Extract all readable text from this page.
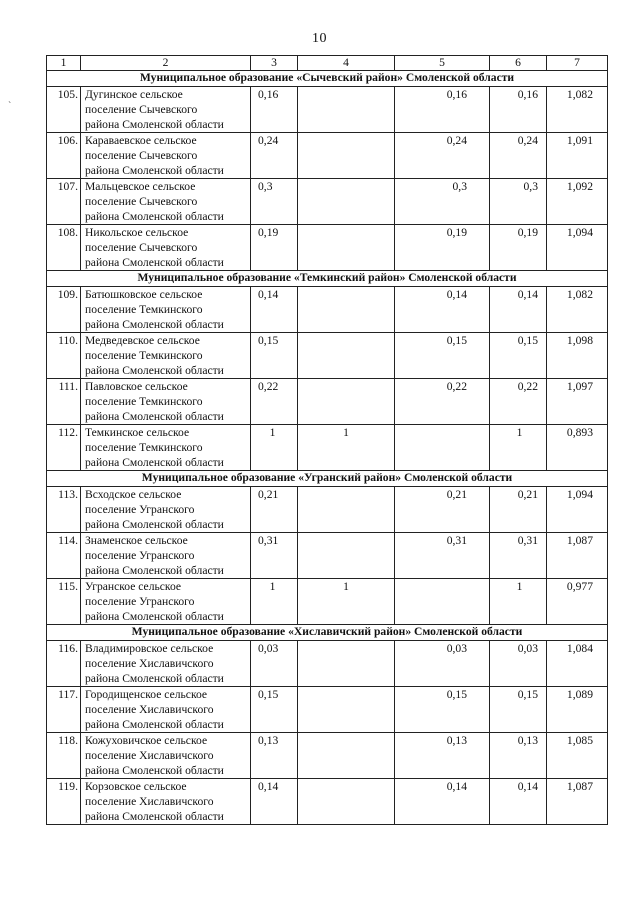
10
`
1	2	3	4	5	6	7
Муниципальное образование «Сычевский район» Смоленской области						
105.	Дугинское сельское
поселение Сычевского
района Смоленской области	0,16		0,16	0,16	1,082
106.	Караваевское сельское
поселение Сычевского
района Смоленской области	0,24		0,24	0,24	1,091
107.	Мальцевское сельское
поселение Сычевского
района Смоленской области	0,3		0,3	0,3	1,092
108.	Никольское сельское
поселение Сычевского
района Смоленской области	0,19		0,19	0,19	1,094
Муниципальное образование «Темкинский район» Смоленской области						
109.	Батюшковское сельское
поселение Темкинского
района Смоленской области	0,14		0,14	0,14	1,082
110.	Медведевское сельское
поселение Темкинского
района Смоленской области	0,15		0,15	0,15	1,098
111.	Павловское сельское
поселение Темкинского
района Смоленской области	0,22		0,22	0,22	1,097
112.	Темкинское сельское
поселение Темкинского
района Смоленской области	1	1		1	0,893
Муниципальное образование «Угранский район» Смоленской области						
113.	Всходское сельское
поселение Угранского
района Смоленской области	0,21		0,21	0,21	1,094
114.	Знаменское сельское
поселение Угранского
района Смоленской области	0,31		0,31	0,31	1,087
115.	Угранское сельское
поселение Угранского
района Смоленской области	1	1		1	0,977
Муниципальное образование «Хиславичский район» Смоленской области						
116.	Владимировское сельское
поселение Хиславичского
района Смоленской области	0,03		0,03	0,03	1,084
117.	Городищенское сельское
поселение Хиславичского
района Смоленской области	0,15		0,15	0,15	1,089
118.	Кожуховичское сельское
поселение Хиславичского
района Смоленской области	0,13		0,13	0,13	1,085
119.	Корзовское сельское
поселение Хиславичского
района Смоленской области	0,14		0,14	0,14	1,087
